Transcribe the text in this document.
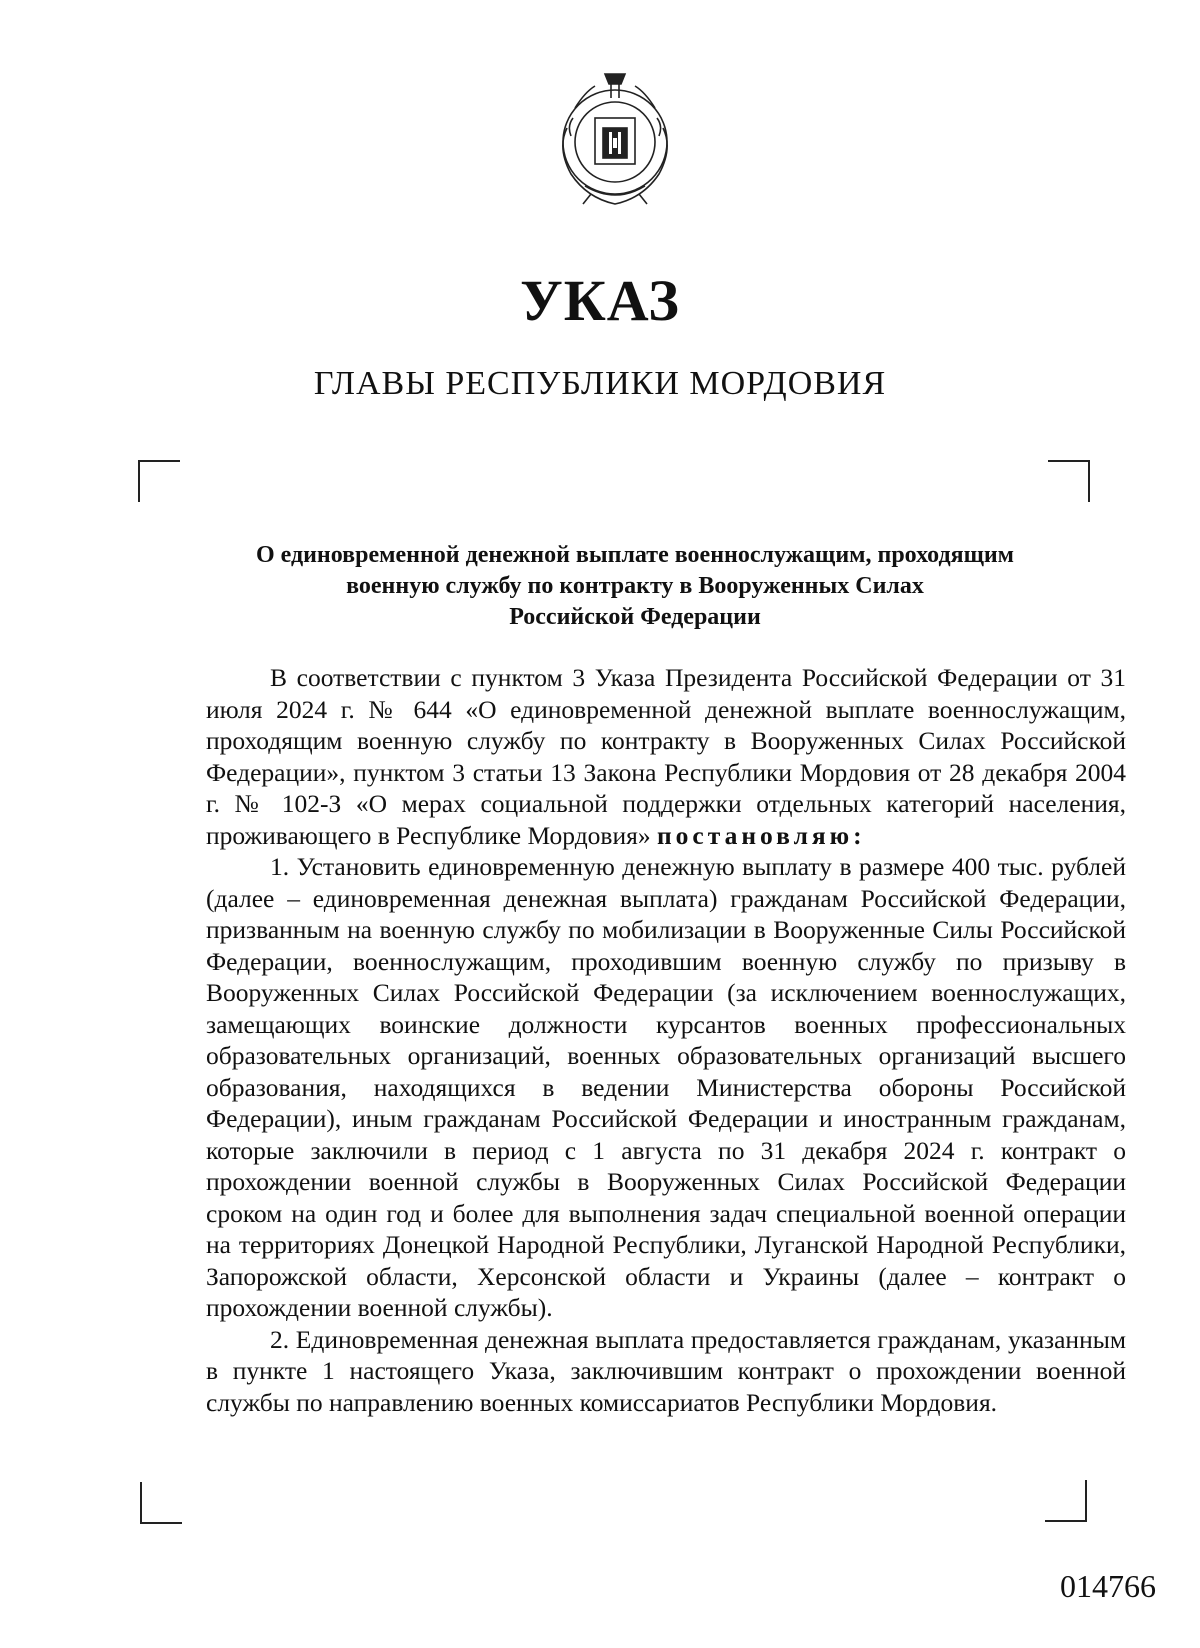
УКАЗ
ГЛАВЫ РЕСПУБЛИКИ МОРДОВИЯ
О единовременной денежной выплате военнослужащим, проходящим
военную службу по контракту в Вооруженных Силах
Российской Федерации

В соответствии с пунктом 3 Указа Президента Российской Федерации от 31 июля 2024 г. № 644 «О единовременной денежной выплате военнослужащим, проходящим военную службу по контракту в Вооруженных Силах Российской Федерации», пунктом 3 статьи 13 Закона Республики Мордовия от 28 декабря 2004 г. № 102-З «О мерах социальной поддержки отдельных категорий населения, проживающего в Республике Мордовия» постановляю:

1. Установить единовременную денежную выплату в размере 400 тыс. рублей (далее – единовременная денежная выплата) гражданам Российской Федерации, призванным на военную службу по мобилизации в Вооруженные Силы Российской Федерации, военнослужащим, проходившим военную службу по призыву в Вооруженных Силах Российской Федерации (за исключением военнослужащих, замещающих воинские должности курсантов военных профессиональных образовательных организаций, военных образовательных организаций высшего образования, находящихся в ведении Министерства обороны Российской Федерации), иным гражданам Российской Федерации и иностранным гражданам, которые заключили в период с 1 августа по 31 декабря 2024 г. контракт о прохождении военной службы в Вооруженных Силах Российской Федерации сроком на один год и более для выполнения задач специальной военной операции на территориях Донецкой Народной Республики, Луганской Народной Республики, Запорожской области, Херсонской области и Украины (далее – контракт о прохождении военной службы).

2. Единовременная денежная выплата предоставляется гражданам, указанным в пункте 1 настоящего Указа, заключившим контракт о прохождении военной службы по направлению военных комиссариатов Республики Мордовия.

014766
